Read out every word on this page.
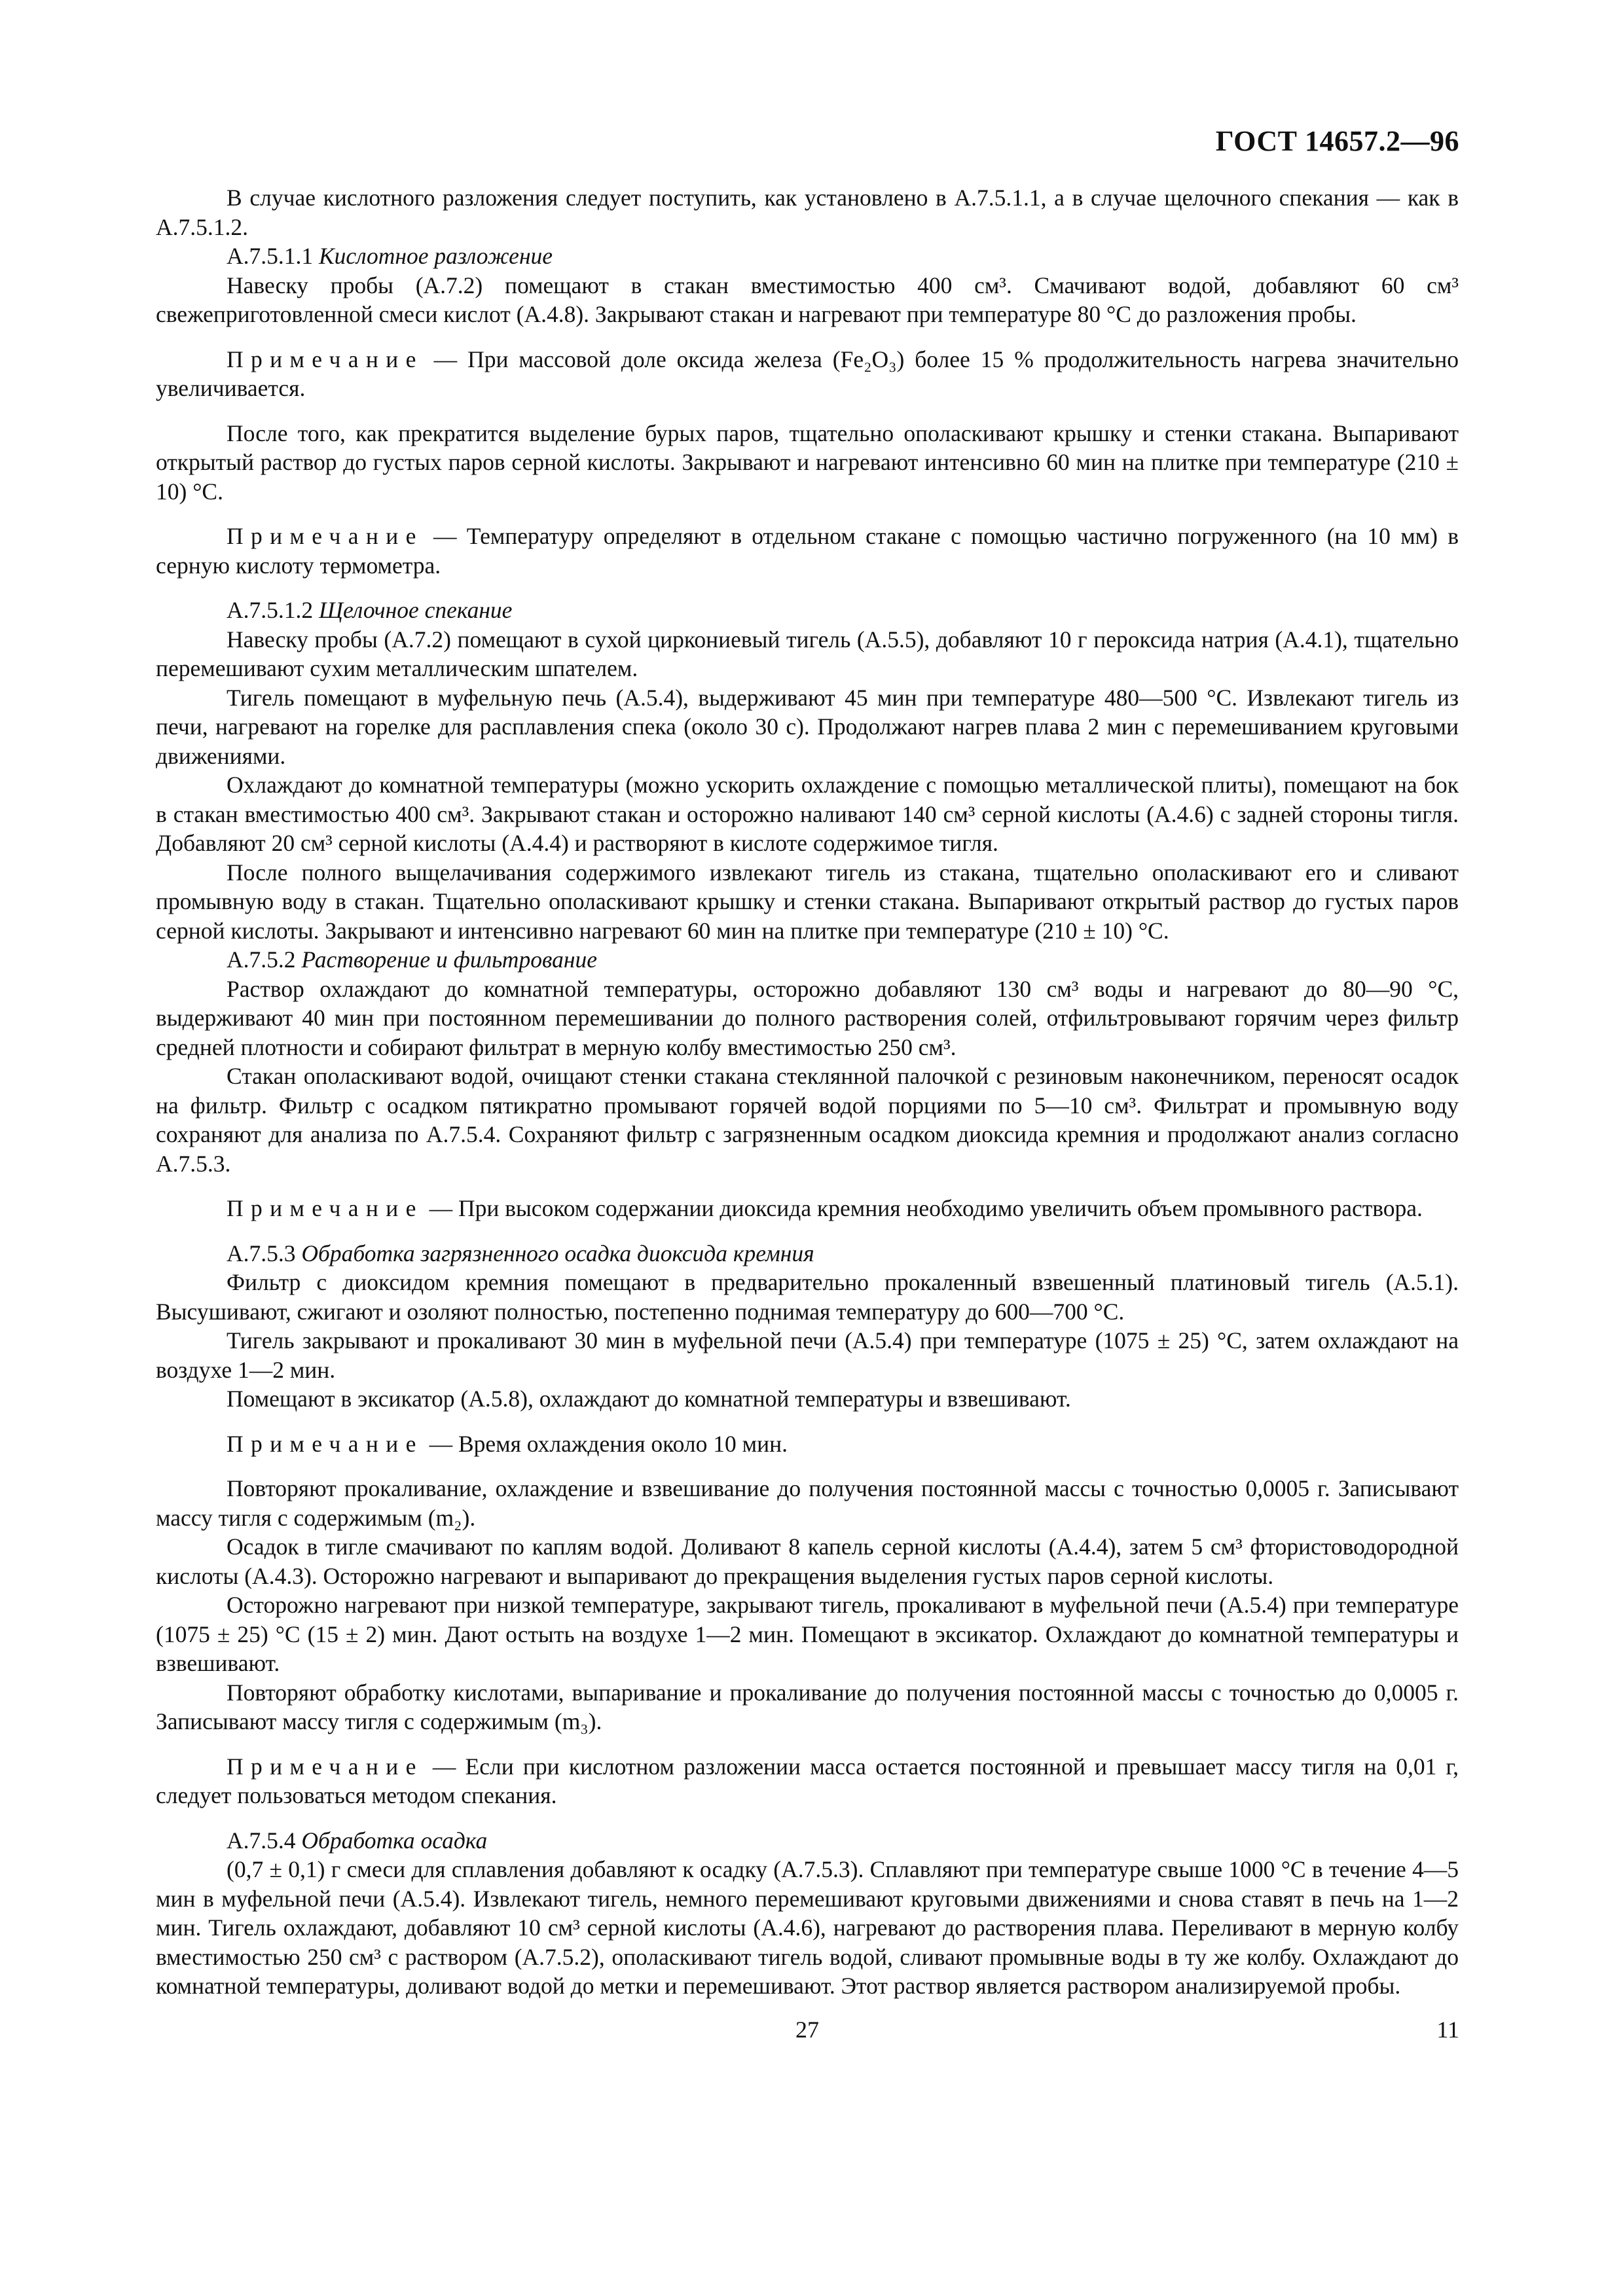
ГОСТ 14657.2—96

В случае кислотного разложения следует поступить, как установлено в А.7.5.1.1, а в случае щелочного спекания — как в А.7.5.1.2.

А.7.5.1.1 Кислотное разложение

Навеску пробы (А.7.2) помещают в стакан вместимостью 400 см³. Смачивают водой, добавляют 60 см³ свежеприготовленной смеси кислот (А.4.8). Закрывают стакан и нагревают при температуре 80 °С до разложения пробы.

Примечание — При массовой доле оксида железа (Fe₂O₃) более 15 % продолжительность нагрева значительно увеличивается.

После того, как прекратится выделение бурых паров, тщательно ополаскивают крышку и стенки стакана. Выпаривают открытый раствор до густых паров серной кислоты. Закрывают и нагревают интенсивно 60 мин на плитке при температуре (210 ± 10) °С.

Примечание — Температуру определяют в отдельном стакане с помощью частично погруженного (на 10 мм) в серную кислоту термометра.

А.7.5.1.2 Щелочное спекание

Навеску пробы (А.7.2) помещают в сухой циркониевый тигель (А.5.5), добавляют 10 г пероксида натрия (А.4.1), тщательно перемешивают сухим металлическим шпателем.

Тигель помещают в муфельную печь (А.5.4), выдерживают 45 мин при температуре 480—500 °С. Извлекают тигель из печи, нагревают на горелке для расплавления спека (около 30 с). Продолжают нагрев плава 2 мин с перемешиванием круговыми движениями.

Охлаждают до комнатной температуры (можно ускорить охлаждение с помощью металлической плиты), помещают на бок в стакан вместимостью 400 см³. Закрывают стакан и осторожно наливают 140 см³ серной кислоты (А.4.6) с задней стороны тигля. Добавляют 20 см³ серной кислоты (А.4.4) и растворяют в кислоте содержимое тигля.

После полного выщелачивания содержимого извлекают тигель из стакана, тщательно ополаскивают его и сливают промывную воду в стакан. Тщательно ополаскивают крышку и стенки стакана. Выпаривают открытый раствор до густых паров серной кислоты. Закрывают и интенсивно нагревают 60 мин на плитке при температуре (210 ± 10) °С.

А.7.5.2 Растворение и фильтрование

Раствор охлаждают до комнатной температуры, осторожно добавляют 130 см³ воды и нагревают до 80—90 °С, выдерживают 40 мин при постоянном перемешивании до полного растворения солей, отфильтровывают горячим через фильтр средней плотности и собирают фильтрат в мерную колбу вместимостью 250 см³.

Стакан ополаскивают водой, очищают стенки стакана стеклянной палочкой с резиновым наконечником, переносят осадок на фильтр. Фильтр с осадком пятикратно промывают горячей водой порциями по 5—10 см³. Фильтрат и промывную воду сохраняют для анализа по А.7.5.4. Сохраняют фильтр с загрязненным осадком диоксида кремния и продолжают анализ согласно А.7.5.3.

Примечание — При высоком содержании диоксида кремния необходимо увеличить объем промывного раствора.

А.7.5.3 Обработка загрязненного осадка диоксида кремния

Фильтр с диоксидом кремния помещают в предварительно прокаленный взвешенный платиновый тигель (А.5.1). Высушивают, сжигают и озоляют полностью, постепенно поднимая температуру до 600—700 °С.

Тигель закрывают и прокаливают 30 мин в муфельной печи (А.5.4) при температуре (1075 ± 25) °С, затем охлаждают на воздухе 1—2 мин.

Помещают в эксикатор (А.5.8), охлаждают до комнатной температуры и взвешивают.

Примечание — Время охлаждения около 10 мин.

Повторяют прокаливание, охлаждение и взвешивание до получения постоянной массы с точностью 0,0005 г. Записывают массу тигля с содержимым (m₂).

Осадок в тигле смачивают по каплям водой. Доливают 8 капель серной кислоты (А.4.4), затем 5 см³ фтористоводородной кислоты (А.4.3). Осторожно нагревают и выпаривают до прекращения выделения густых паров серной кислоты.

Осторожно нагревают при низкой температуре, закрывают тигель, прокаливают в муфельной печи (А.5.4) при температуре (1075 ± 25) °С (15 ± 2) мин. Дают остыть на воздухе 1—2 мин. Помещают в эксикатор. Охлаждают до комнатной температуры и взвешивают.

Повторяют обработку кислотами, выпаривание и прокаливание до получения постоянной массы с точностью до 0,0005 г. Записывают массу тигля с содержимым (m₃).

Примечание — Если при кислотном разложении масса остается постоянной и превышает массу тигля на 0,01 г, следует пользоваться методом спекания.

А.7.5.4 Обработка осадка

(0,7 ± 0,1) г смеси для сплавления добавляют к осадку (А.7.5.3). Сплавляют при температуре свыше 1000 °С в течение 4—5 мин в муфельной печи (А.5.4). Извлекают тигель, немного перемешивают круговыми движениями и снова ставят в печь на 1—2 мин. Тигель охлаждают, добавляют 10 см³ серной кислоты (А.4.6), нагревают до растворения плава. Переливают в мерную колбу вместимостью 250 см³ с раствором (А.7.5.2), ополаскивают тигель водой, сливают промывные воды в ту же колбу. Охлаждают до комнатной температуры, доливают водой до метки и перемешивают. Этот раствор является раствором анализируемой пробы.

27	11
